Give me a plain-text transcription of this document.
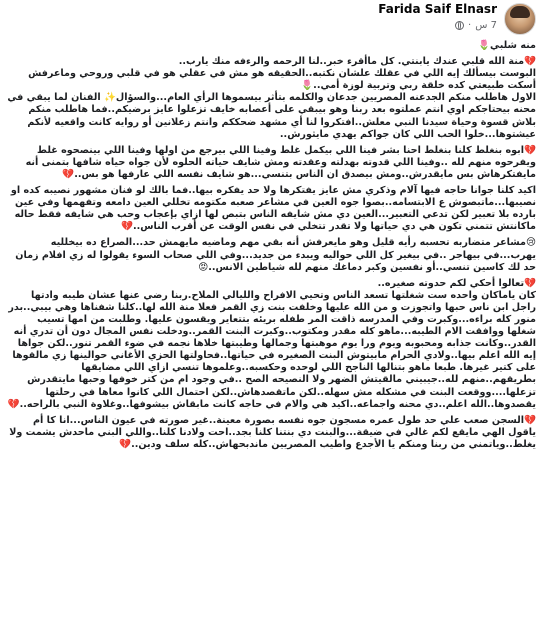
Farida Saif Elnasr
7 س
·

منه شلبي🌷

💔منة الله قلبي عندك يابنتي. كل ماأقرء خبر..لنا الرحمه والرءفه منك يارب..
البوست بيسألك إيه اللي في عقلك علشان نكتبه..الحقيقه هو مش في عقلي هو في قلبي وروحي وماعرفش أسكت طبيعتي كده خلقة ربي وتربية لوزة أمي..🌷
الاول هاطلب منكم الجدعنه المصريين جدعان والكلمه بتأثر بيسموها الرأي العام...والسؤال✨ الفنان لما يبقي في محنه بيحتاجكم اوي انتم عملتوه بعد ربنا وهو بيبقي على أعصابه خايف تزعلوا عايز برضيكم..فما هاطلب منكم بلاش قسوة وحياة سيدنا النبي معلش..افتكروا لنا أي مشهد ضحككم وانتم زعلانين أو روايه كانت واقعيه لأنكم عيشتوها...خلوا الحب اللي كان جواكم يهدي مايثورش..

💔ابوه بنغلط كلنا بنغلط احنا بشر فينا اللي بيكمل غلط وفينا اللي بيرجع من اولها وفينا اللي بينصحوه غلط ويفرحوه منهم لله ..وفينا اللي قدوته بهدلته وعقدته ومش شايف حياته الحلوه لأن جواه حياه شافها بتمنى أنه مايفتكرهاش بس مايقدرش..ومش بيصدق ان الناس بتنسي...هو شايف نفسه اللي عارفها هو بس..💔

اكيد كلنا جوانا حاجه فيها آلام وذكري مش عايز يفتكرها ولا حد يفكره بيها..فما بالك لو فنان مشهور نصيبه كده او نصيبها...ماتبصوش ع الابتسامه..بصوا جوه العين في مشاعر صعبه مكتومه تخللي العين دامعه وتفهمها وفي عين بارده بلا تعبير لكن تدعي التعبير...العين دي مش شايفه الناس بتبص لها ازاي بإعجاب وحب هي شايفه فقط حاله ماكانتش تتمني تكون هي دي حياتها ولا تقدر تتخلي في نفس الوقت عن أقرب الناس..💔

😢مشاعر متضاربه تحسبه رأيه قليل وهو مايعرفش أنه بقي مهم وماضيه مايهمش حد...الصراع ده بيخلليه يهرب...في بيهاجر ..في بيغير كل اللي حواليه ويبدء من جديد...وفي اللي صحاب السوء يقولوا له زي افلام زمان حد لك كاسين تنسي..أو نفسين وكبر دماغك منهم لله شياطين الانس..😡

💔تعالوا أحكي لكم حدوته صغيره..
كان ياماكان واحده ست شغلتها تسعد الناس وتحيي الافراح والليالي الملاح.ربنا رضي عنها عشان طيبه وادتها راجل ابن ناس حبها واتجوزت و من الله عليها وخلفت بنت زي القمر فعلا منة الله لها..كلنا شفناها وهي بيبي..بدر منور كله براءه...وكبرت وفي المدرسه ذاقت المر طفله بريئه بتتعاير ويقسون عليها. وطلبت من امها تسيب شغلها ووافقت الام الطيبه...ماهو كله مقدر ومكتوب..وكبرت البنت القمر..ودخلت نفس المجال دون أن تدري أنه القدر..وكانت جذابه ومحبوبه ويوم ورا يوم موهبتها وجمالها وطيبتها خلاها نجمه في ضوء القمر تنور..لكن جواها إيه الله اعلم بيها..ولادي الحرام مابيتوش البنت الصغيره في حياتها..فحاولتها الحزي الأغاني حوالينها زي مالقوها على كتير غيرها. طبعا ماهو بتنالها الناجح اللي لوحده وحكسبه..وعلموها تنسي ازاي اللي مضايقها بطريقهم..منهم لله..جيبيني مالقيتش الضهر ولا النصيحه الصح ..في وجود ام من كتر خوفها وحبها مايتقدرش تزعلها....ووقعت البنت في مشكله مش سهله..لكن ماتقصدهاش..لكن احتمال اللي كانوا معاها في رحلتها يقصدوها..الله اعلم..دي محنه واجماعه..اكيد هي والام في حاجه كانت مابقاش بيشوفها..وغلاوة النبي بالراحه..💔

💔السجن صعب علي حد طول عمره مسجون جوه نفسه بصورة معينة..غير صورته في عيون الناس...انا كا أم ياقول الهي مايقع لكم غالي في ضيقة...والبنت دي بنتنا كلنا بجد..احت ولادنا كلنا..واللي البني ماحدش يشمت ولا يغلط..وياتمني من ربنا ومنكم يا الأجدع واطيب المصريين ماندبحهاش..كله سلف ودين..💔
